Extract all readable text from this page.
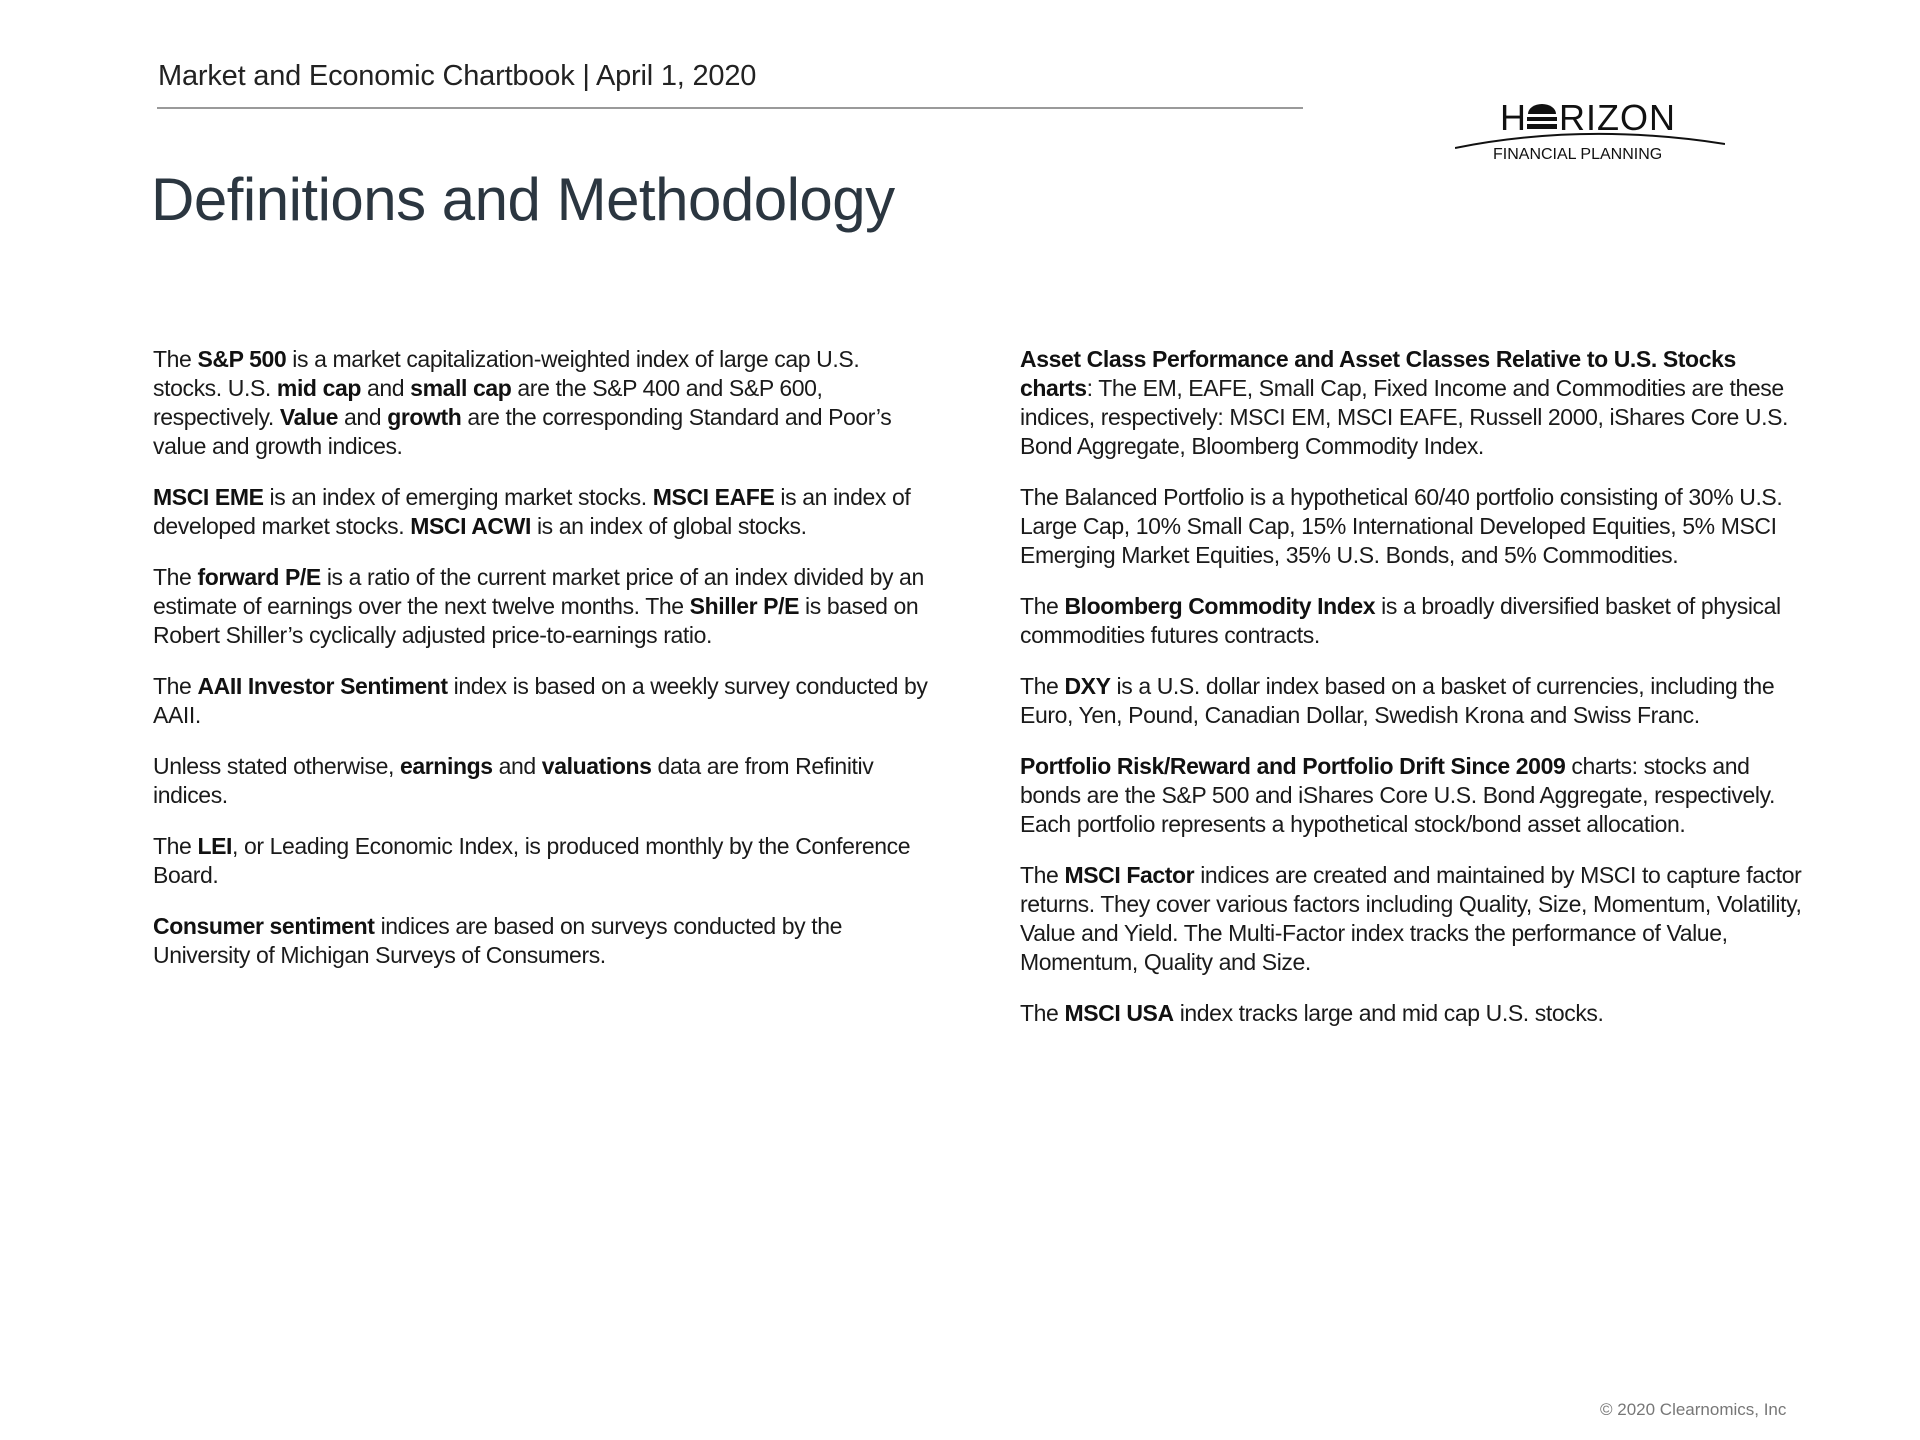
Market and Economic Chartbook | April 1, 2020
H RIZON
FINANCIAL PLANNING
Definitions and Methodology

The S&P 500 is a market capitalization-weighted index of large cap U.S. stocks. U.S. mid cap and small cap are the S&P 400 and S&P 600, respectively. Value and growth are the corresponding Standard and Poor’s value and growth indices.

MSCI EME is an index of emerging market stocks. MSCI EAFE is an index of developed market stocks. MSCI ACWI is an index of global stocks.

The forward P/E is a ratio of the current market price of an index divided by an estimate of earnings over the next twelve months. The Shiller P/E is based on Robert Shiller’s cyclically adjusted price-to-earnings ratio.

The AAII Investor Sentiment index is based on a weekly survey conducted by AAII.

Unless stated otherwise, earnings and valuations data are from Refinitiv indices.

The LEI, or Leading Economic Index, is produced monthly by the Conference Board.

Consumer sentiment indices are based on surveys conducted by the University of Michigan Surveys of Consumers.

Asset Class Performance and Asset Classes Relative to U.S. Stocks charts: The EM, EAFE, Small Cap, Fixed Income and Commodities are these indices, respectively: MSCI EM, MSCI EAFE, Russell 2000, iShares Core U.S. Bond Aggregate, Bloomberg Commodity Index.

The Balanced Portfolio is a hypothetical 60/40 portfolio consisting of 30% U.S. Large Cap, 10% Small Cap, 15% International Developed Equities, 5% MSCI Emerging Market Equities, 35% U.S. Bonds, and 5% Commodities.

The Bloomberg Commodity Index is a broadly diversified basket of physical commodities futures contracts.

The DXY is a U.S. dollar index based on a basket of currencies, including the Euro, Yen, Pound, Canadian Dollar, Swedish Krona and Swiss Franc.

Portfolio Risk/Reward and Portfolio Drift Since 2009 charts: stocks and bonds are the S&P 500 and iShares Core U.S. Bond Aggregate, respectively. Each portfolio represents a hypothetical stock/bond asset allocation.

The MSCI Factor indices are created and maintained by MSCI to capture factor returns. They cover various factors including Quality, Size, Momentum, Volatility, Value and Yield. The Multi-Factor index tracks the performance of Value, Momentum, Quality and Size.

The MSCI USA index tracks large and mid cap U.S. stocks.

© 2020 Clearnomics, Inc
